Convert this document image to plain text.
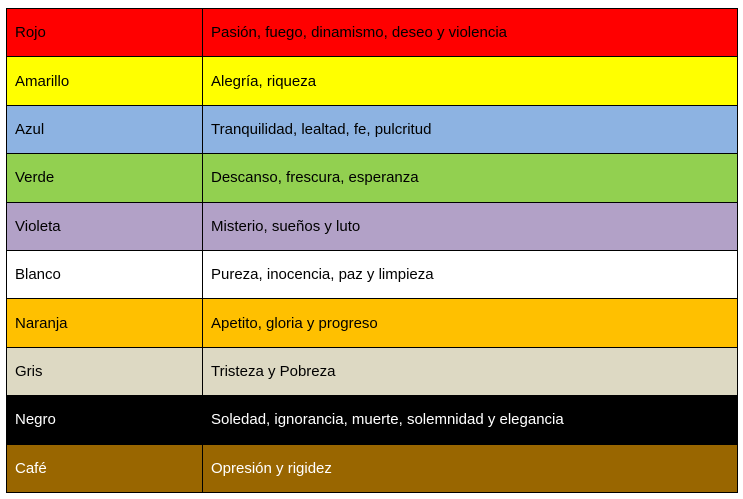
Rojo	Pasión, fuego, dinamismo, deseo y violencia
Amarillo	Alegría, riqueza
Azul	Tranquilidad, lealtad, fe, pulcritud
Verde	Descanso, frescura, esperanza
Violeta	Misterio, sueños y luto
Blanco	Pureza, inocencia, paz y limpieza
Naranja	Apetito, gloria y progreso
Gris	Tristeza y Pobreza
Negro	Soledad, ignorancia, muerte, solemnidad y elegancia
Café	Opresión y rigidez
